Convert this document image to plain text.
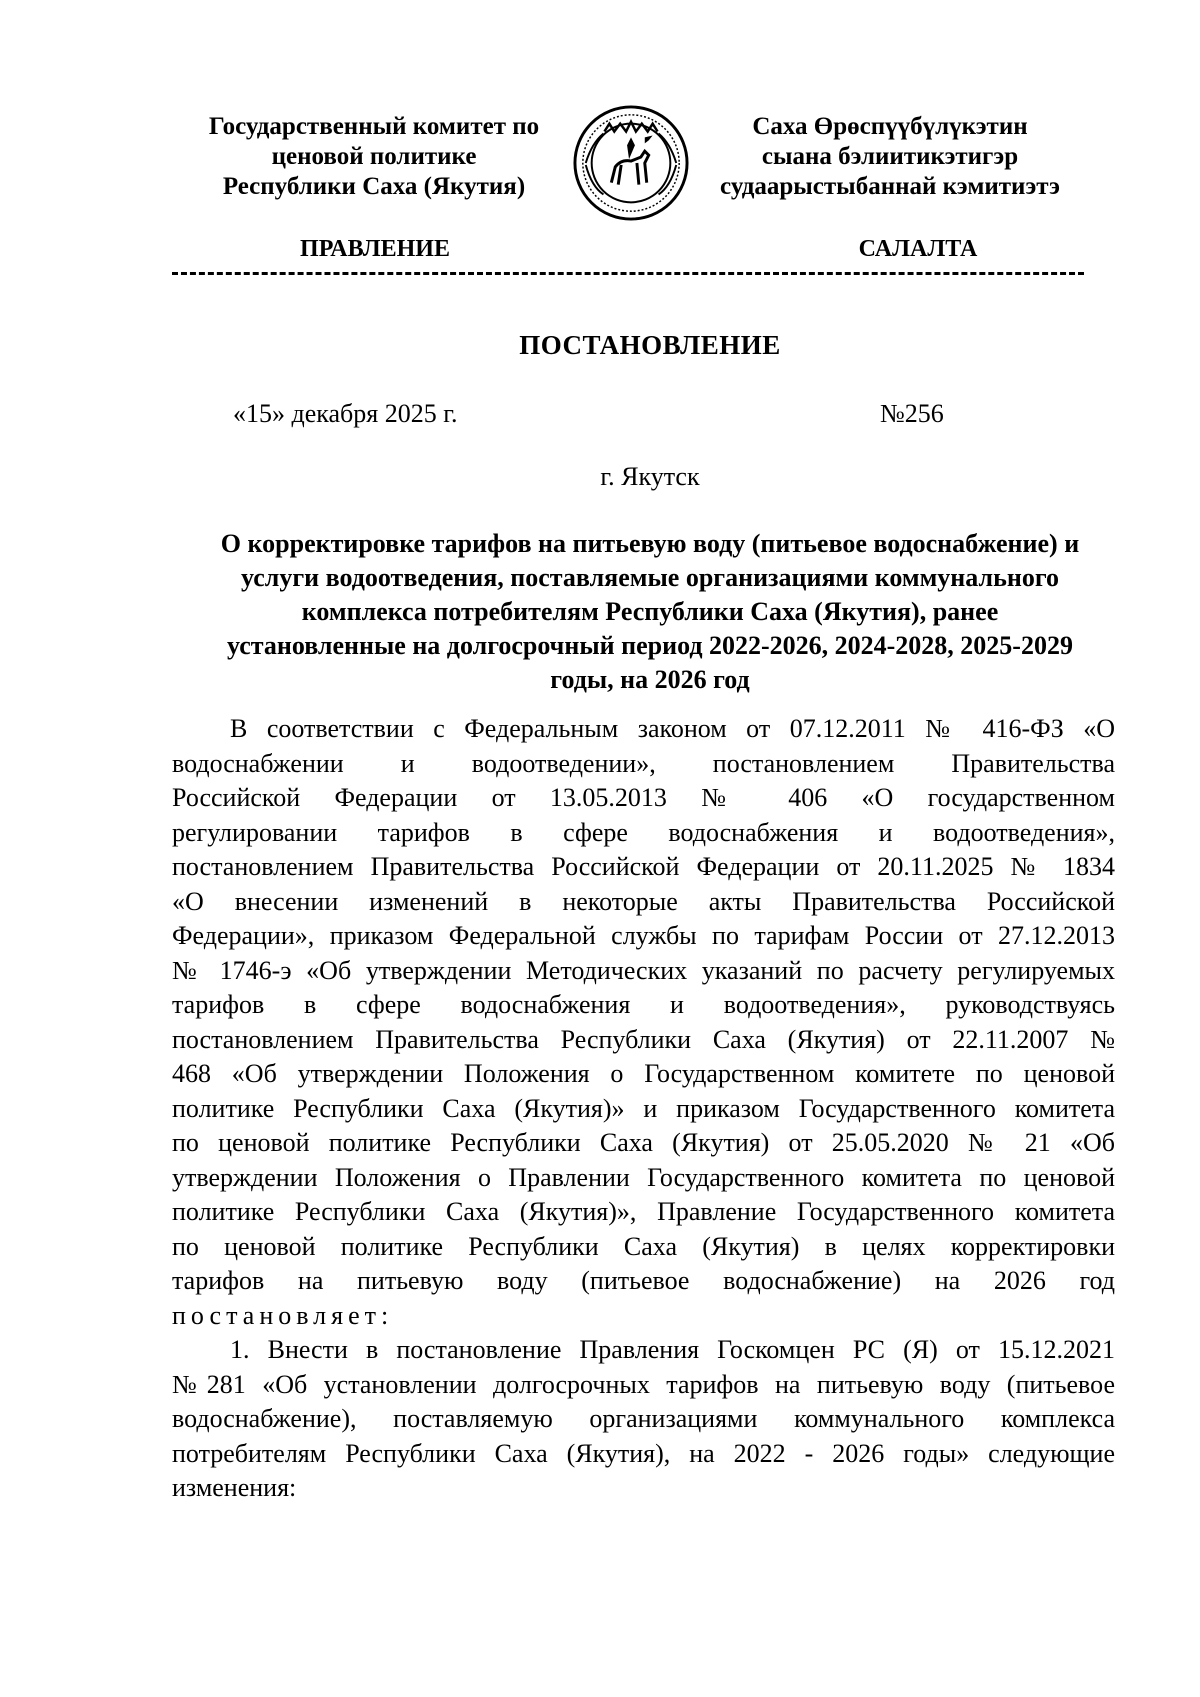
Государственный комитет по
ценовой политике
Республики Саха (Якутия)
Саха Өрөспүүбүлүкэтин
сыана бэлиитикэтигэр
судаарыстыбаннай кэмитиэтэ
ПРАВЛЕНИЕ	САЛАЛТА
ПОСТАНОВЛЕНИЕ
«15» декабря 2025 г.	№256
г. Якутск
О корректировке тарифов на питьевую воду (питьевое водоснабжение) и
услуги водоотведения, поставляемые организациями коммунального
комплекса потребителям Республики Саха (Якутия), ранее
установленные на долгосрочный период 2022-2026, 2024-2028, 2025-2029
годы, на 2026 год
В соответствии с Федеральным законом от 07.12.2011 № 416-ФЗ «О
водоснабжении и водоотведении», постановлением Правительства
Российской Федерации от 13.05.2013 № 406 «О государственном
регулировании тарифов в сфере водоснабжения и водоотведения»,
постановлением Правительства Российской Федерации от 20.11.2025 № 1834
«О внесении изменений в некоторые акты Правительства Российской
Федерации», приказом Федеральной службы по тарифам России от 27.12.2013
№ 1746-э «Об утверждении Методических указаний по расчету регулируемых
тарифов в сфере водоснабжения и водоотведения», руководствуясь
постановлением Правительства Республики Саха (Якутия) от 22.11.2007 №
468 «Об утверждении Положения о Государственном комитете по ценовой
политике Республики Саха (Якутия)» и приказом Государственного комитета
по ценовой политике Республики Саха (Якутия) от 25.05.2020 № 21 «Об
утверждении Положения о Правлении Государственного комитета по ценовой
политике Республики Саха (Якутия)», Правление Государственного комитета
по ценовой политике Республики Саха (Якутия) в целях корректировки
тарифов на питьевую воду (питьевое водоснабжение) на 2026 год
постановляет:
1. Внести в постановление Правления Госкомцен РС (Я) от 15.12.2021
№281 «Об установлении долгосрочных тарифов на питьевую воду (питьевое
водоснабжение), поставляемую организациями коммунального комплекса
потребителям Республики Саха (Якутия), на 2022 - 2026 годы» следующие
изменения:
